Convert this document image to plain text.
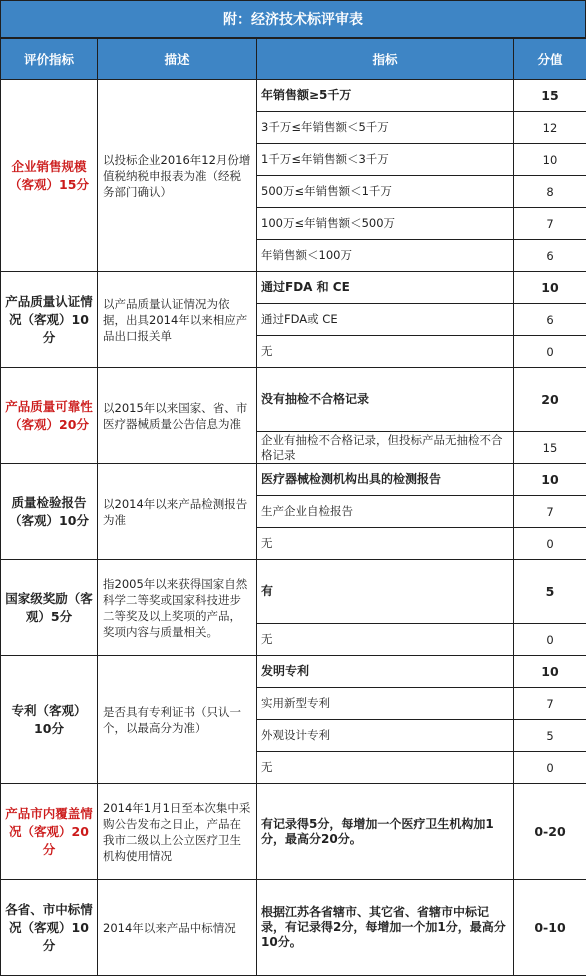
附：经济技术标评审表
评价指标	描述	指标	分值
企业销售规模（客观）15分	以投标企业2016年12月份增值税纳税申报表为准（经税务部门确认）	年销售额≥5千万	15
		3千万≤年销售额＜5千万	12
		1千万≤年销售额＜3千万	10
		500万≤年销售额＜1千万	8
		100万≤年销售额＜500万	7
		年销售额＜100万	6
产品质量认证情况（客观）10分	以产品质量认证情况为依据，出具2014年以来相应产品出口报关单	通过FDA 和 CE	10
		通过FDA或 CE	6
		无	0
产品质量可靠性（客观）20分	以2015年以来国家、省、市医疗器械质量公告信息为准	没有抽检不合格记录	20
		企业有抽检不合格记录，但投标产品无抽检不合格记录	15
质量检验报告（客观）10分	以2014年以来产品检测报告为准	医疗器械检测机构出具的检测报告	10
		生产企业自检报告	7
		无	0
国家级奖励（客观）5分	指2005年以来获得国家自然科学二等奖或国家科技进步二等奖及以上奖项的产品，奖项内容与质量相关。	有	5
		无	0
专利（客观）10分	是否具有专利证书（只认一个，以最高分为准）	发明专利	10
		实用新型专利	7
		外观设计专利	5
		无	0
产品市内覆盖情况（客观）20分	2014年1月1日至本次集中采购公告发布之日止，产品在我市二级以上公立医疗卫生机构使用情况	有记录得5分，每增加一个医疗卫生机构加1分，最高分20分。	0-20
各省、市中标情况（客观）10分	2014年以来产品中标情况	根据江苏各省辖市、其它省、省辖市中标记录，有记录得2分，每增加一个加1分，最高分10分。	0-10
